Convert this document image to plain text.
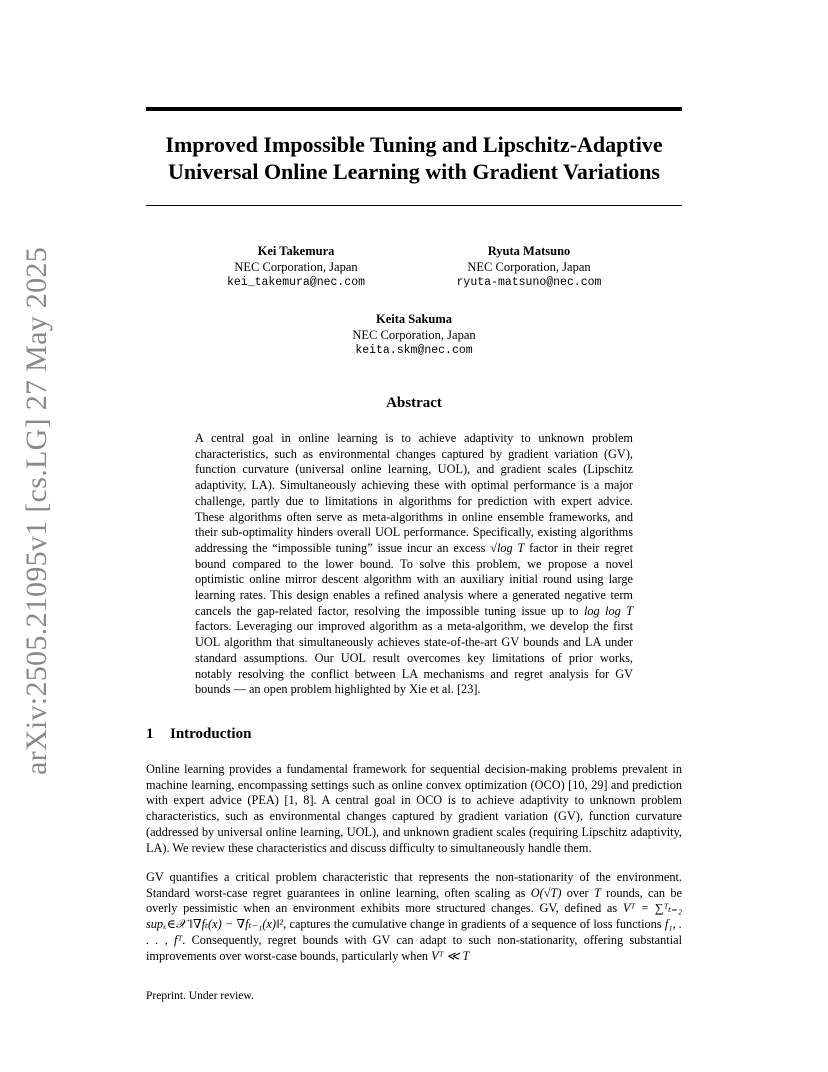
arXiv:2505.21095v1 [cs.LG] 27 May 2025
Improved Impossible Tuning and Lipschitz-Adaptive Universal Online Learning with Gradient Variations
Kei Takemura
NEC Corporation, Japan
kei_takemura@nec.com
Ryuta Matsuno
NEC Corporation, Japan
ryuta-matsuno@nec.com
Keita Sakuma
NEC Corporation, Japan
keita.skm@nec.com
Abstract
A central goal in online learning is to achieve adaptivity to unknown problem characteristics, such as environmental changes captured by gradient variation (GV), function curvature (universal online learning, UOL), and gradient scales (Lipschitz adaptivity, LA). Simultaneously achieving these with optimal performance is a major challenge, partly due to limitations in algorithms for prediction with expert advice. These algorithms often serve as meta-algorithms in online ensemble frameworks, and their sub-optimality hinders overall UOL performance. Specifically, existing algorithms addressing the “impossible tuning” issue incur an excess √log T factor in their regret bound compared to the lower bound. To solve this problem, we propose a novel optimistic online mirror descent algorithm with an auxiliary initial round using large learning rates. This design enables a refined analysis where a generated negative term cancels the gap-related factor, resolving the impossible tuning issue up to log log T factors. Leveraging our improved algorithm as a meta-algorithm, we develop the first UOL algorithm that simultaneously achieves state-of-the-art GV bounds and LA under standard assumptions. Our UOL result overcomes key limitations of prior works, notably resolving the conflict between LA mechanisms and regret analysis for GV bounds — an open problem highlighted by Xie et al. [23].
1 Introduction
Online learning provides a fundamental framework for sequential decision-making problems prevalent in machine learning, encompassing settings such as online convex optimization (OCO) [10, 29] and prediction with expert advice (PEA) [1, 8]. A central goal in OCO is to achieve adaptivity to unknown problem characteristics, such as environmental changes captured by gradient variation (GV), function curvature (addressed by universal online learning, UOL), and unknown gradient scales (requiring Lipschitz adaptivity, LA). We review these characteristics and discuss difficulty to simultaneously handle them.
GV quantifies a critical problem characteristic that represents the non-stationarity of the environment. Standard worst-case regret guarantees in online learning, often scaling as O(√T) over T rounds, can be overly pessimistic when an environment exhibits more structured changes. GV, defined as Vᵀ = ∑ᵀₜ₌₂ supₓ∈𝒳 ‖∇fₜ(x) − ∇fₜ₋₁(x)‖², captures the cumulative change in gradients of a sequence of loss functions f₁, . . . , fᵀ. Consequently, regret bounds with GV can adapt to such non-stationarity, offering substantial improvements over worst-case bounds, particularly when Vᵀ ≪ T
Preprint. Under review.
